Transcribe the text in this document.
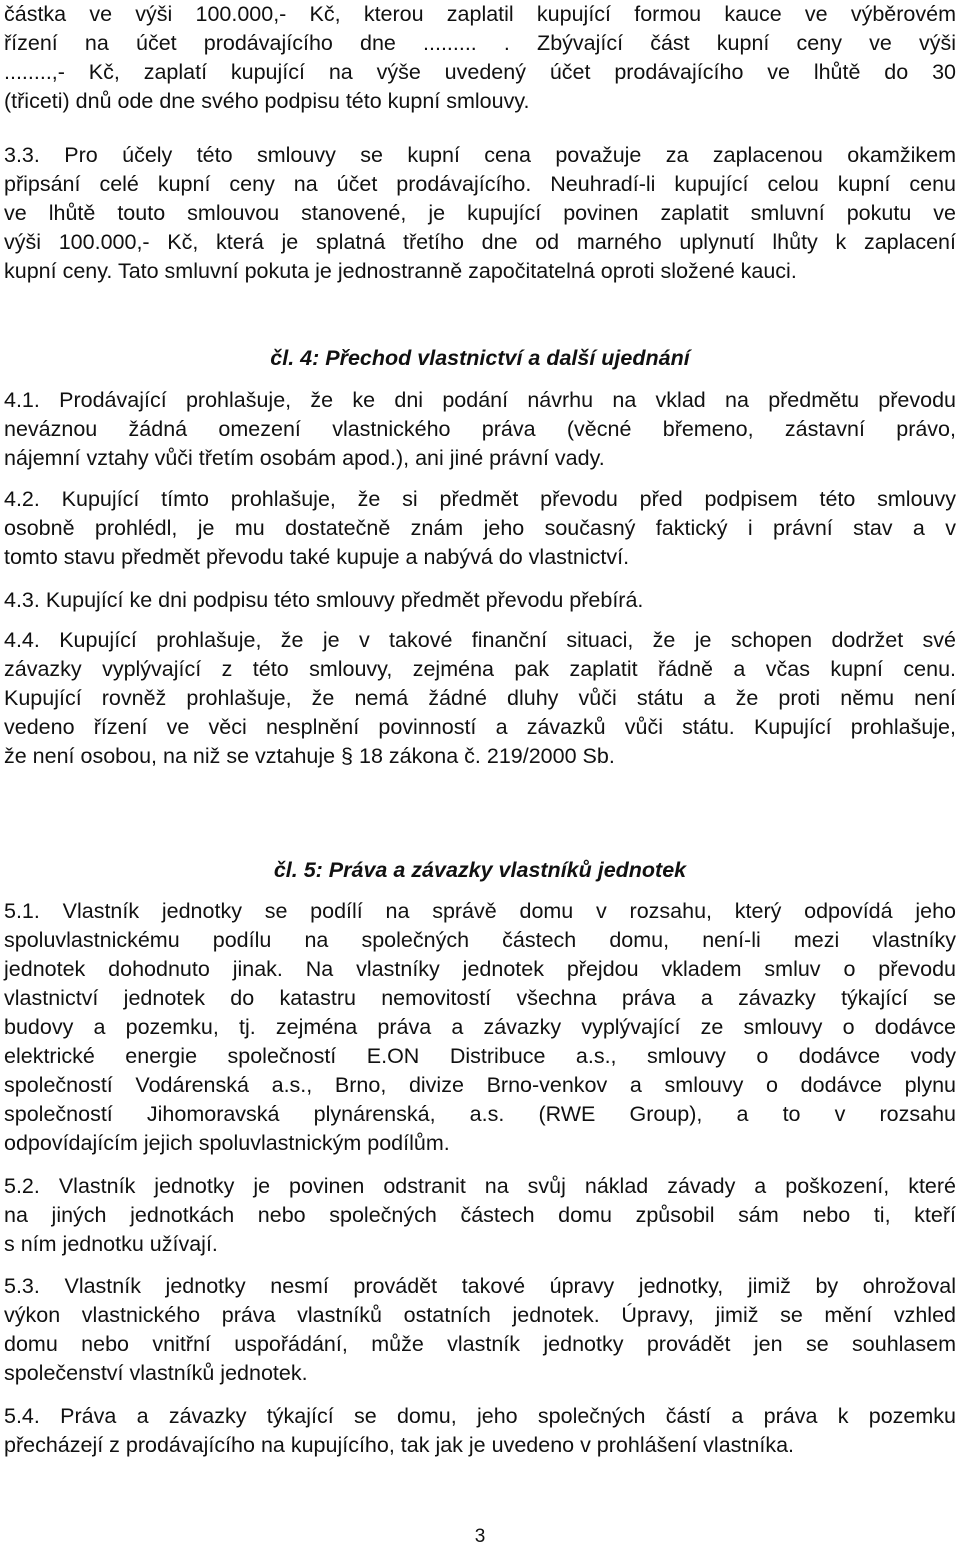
částka ve výši 100.000,- Kč, kterou zaplatil kupující formou kauce ve výběrovém
řízení na účet prodávajícího dne ......... . Zbývající část kupní ceny ve výši
........,- Kč, zaplatí kupující na výše uvedený účet prodávajícího ve lhůtě do 30
(třiceti) dnů ode dne svého podpisu této kupní smlouvy.
3.3. Pro účely této smlouvy se kupní cena považuje za zaplacenou okamžikem
připsání celé kupní ceny na účet prodávajícího. Neuhradí-li kupující celou kupní cenu
ve lhůtě touto smlouvou stanovené, je kupující povinen zaplatit smluvní pokutu ve
výši 100.000,- Kč, která je splatná třetího dne od marného uplynutí lhůty k zaplacení
kupní ceny. Tato smluvní pokuta je jednostranně započitatelná oproti složené kauci.
čl. 4: Přechod vlastnictví a další ujednání
4.1. Prodávající prohlašuje, že ke dni podání návrhu na vklad na předmětu převodu
neváznou žádná omezení vlastnického práva (věcné břemeno, zástavní právo,
nájemní vztahy vůči třetím osobám apod.), ani jiné právní vady.
4.2. Kupující tímto prohlašuje, že si předmět převodu před podpisem této smlouvy
osobně prohlédl, je mu dostatečně znám jeho současný faktický i právní stav a v
tomto stavu předmět převodu také kupuje a nabývá do vlastnictví.
4.3. Kupující ke dni podpisu této smlouvy předmět převodu přebírá.
4.4. Kupující prohlašuje, že je v takové finanční situaci, že je schopen dodržet své
závazky vyplývající z této smlouvy, zejména pak zaplatit řádně a včas kupní cenu.
Kupující rovněž prohlašuje, že nemá žádné dluhy vůči státu a že proti němu není
vedeno řízení ve věci nesplnění povinností a závazků vůči státu. Kupující prohlašuje,
že není osobou, na niž se vztahuje § 18 zákona č. 219/2000 Sb.
čl. 5: Práva a závazky vlastníků jednotek
5.1. Vlastník jednotky se podílí na správě domu v rozsahu, který odpovídá jeho
spoluvlastnickému podílu na společných částech domu, není-li mezi vlastníky
jednotek dohodnuto jinak. Na vlastníky jednotek přejdou vkladem smluv o převodu
vlastnictví jednotek do katastru nemovitostí všechna práva a závazky týkající se
budovy a pozemku, tj. zejména práva a závazky vyplývající ze smlouvy o dodávce
elektrické energie společností E.ON Distribuce a.s., smlouvy o dodávce vody
společností Vodárenská a.s., Brno, divize Brno-venkov a smlouvy o dodávce plynu
společností Jihomoravská plynárenská, a.s. (RWE Group), a to v rozsahu
odpovídajícím jejich spoluvlastnickým podílům.
5.2. Vlastník jednotky je povinen odstranit na svůj náklad závady a poškození, které
na jiných jednotkách nebo společných částech domu způsobil sám nebo ti, kteří
s ním jednotku užívají.
5.3. Vlastník jednotky nesmí provádět takové úpravy jednotky, jimiž by ohrožoval
výkon vlastnického práva vlastníků ostatních jednotek. Úpravy, jimiž se mění vzhled
domu nebo vnitřní uspořádání, může vlastník jednotky provádět jen se souhlasem
společenství vlastníků jednotek.
5.4. Práva a závazky týkající se domu, jeho společných částí a práva k pozemku
přecházejí z prodávajícího na kupujícího, tak jak je uvedeno v prohlášení vlastníka.
3
